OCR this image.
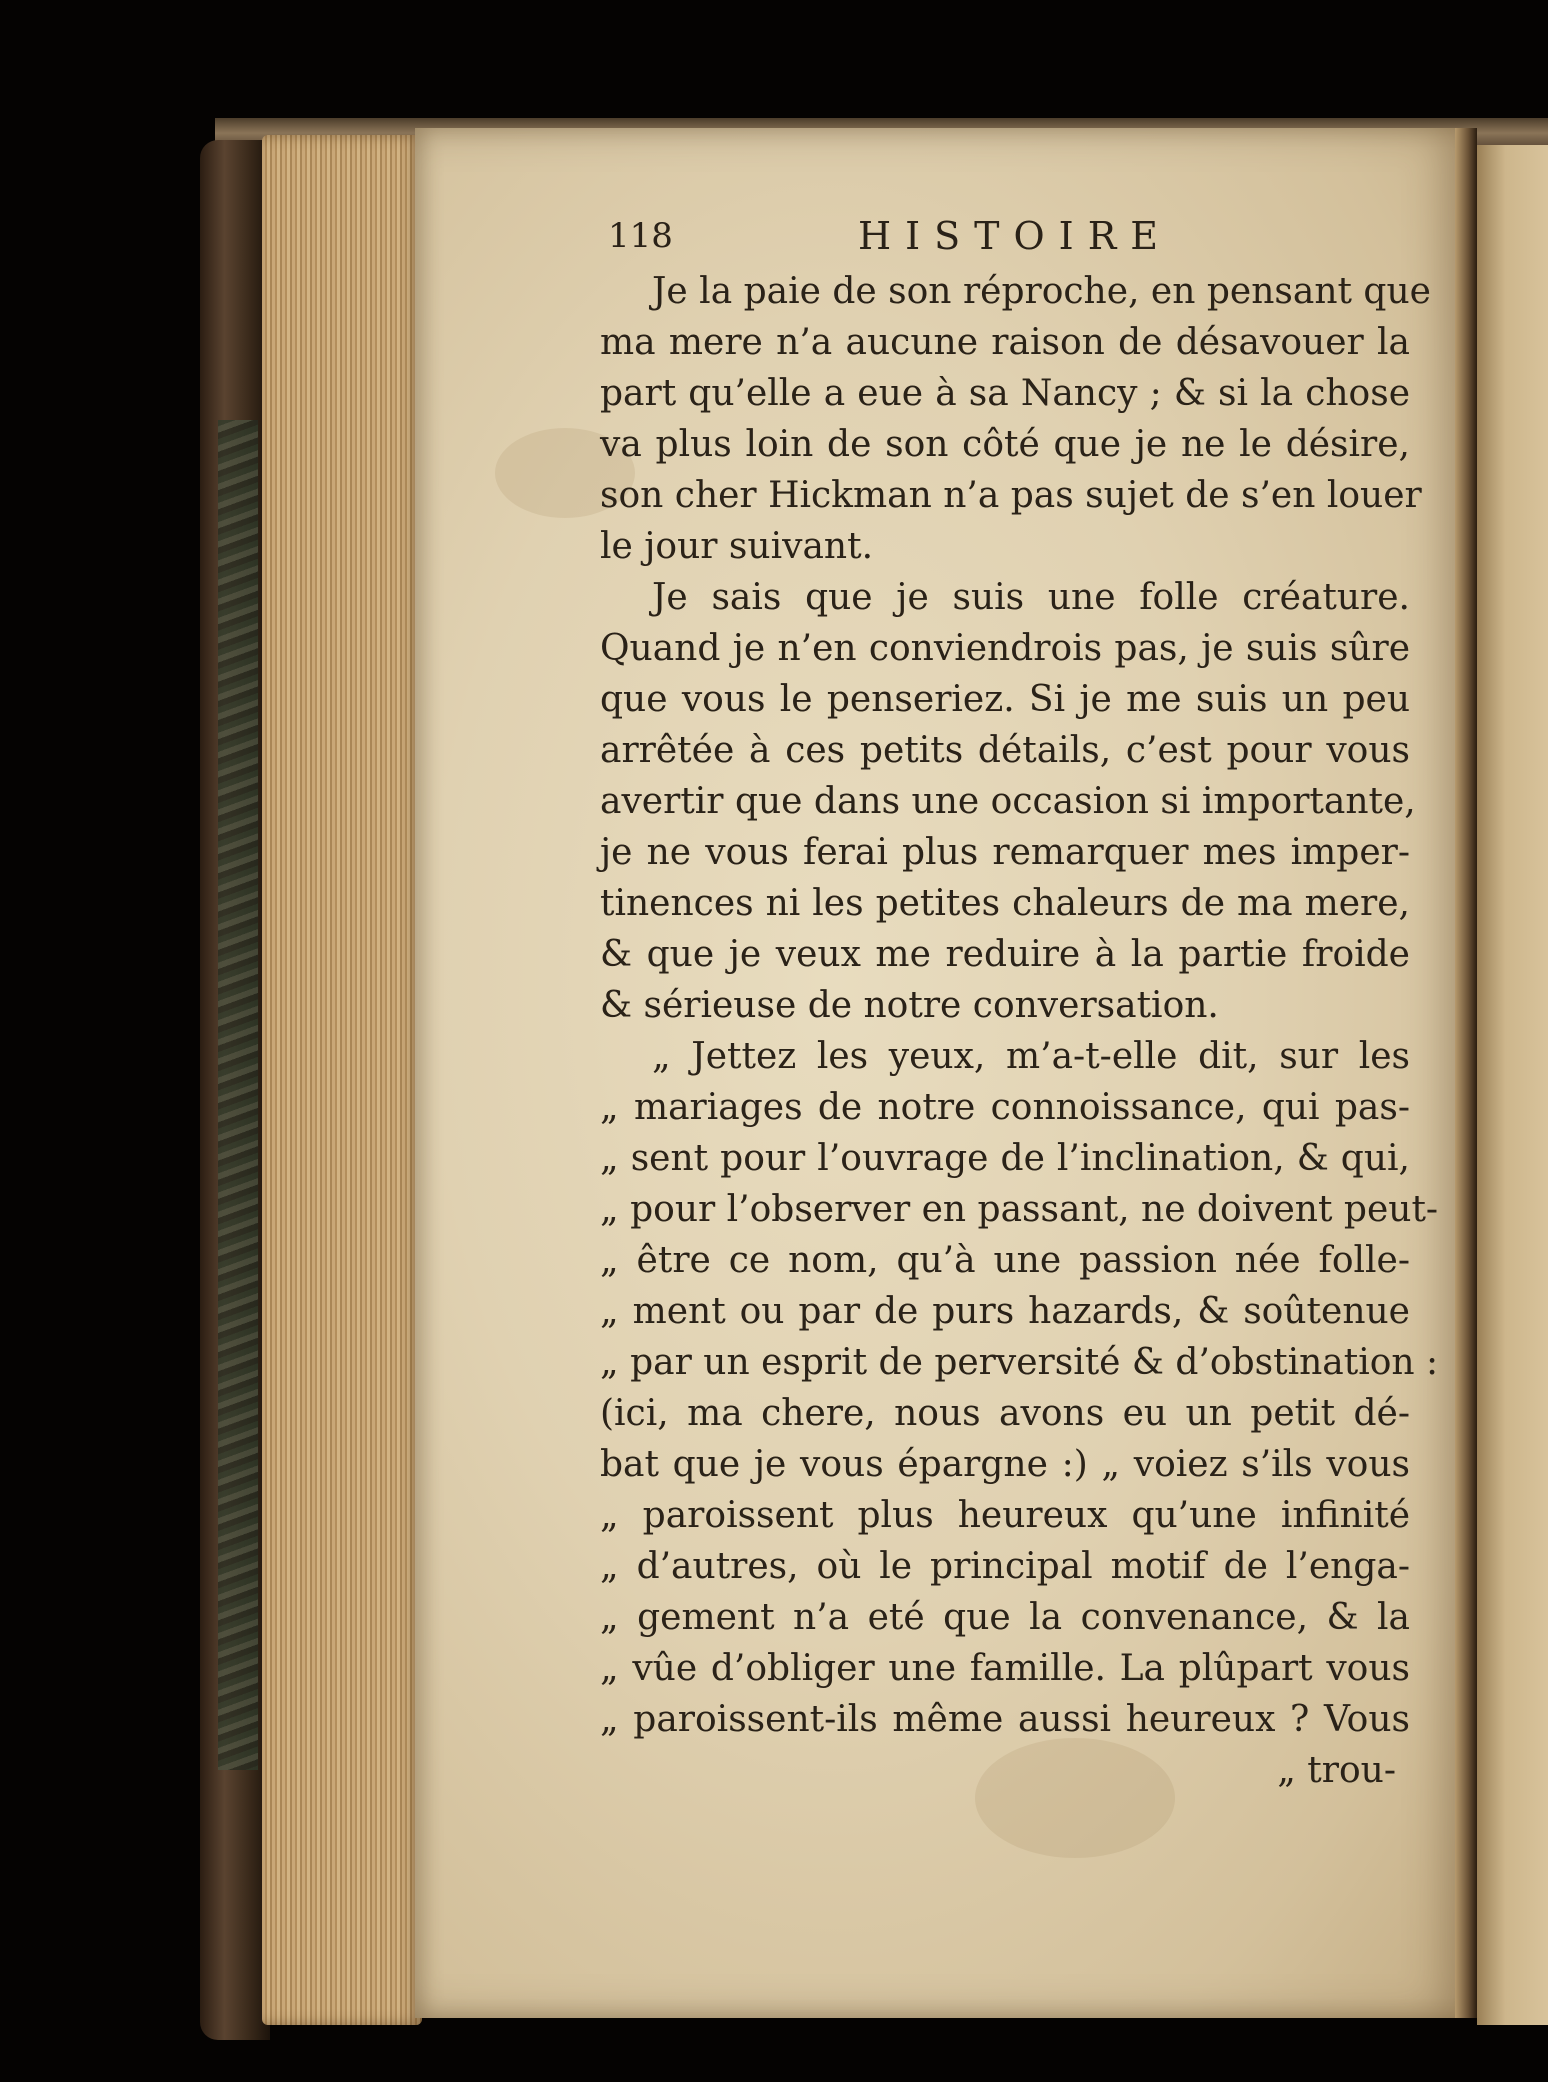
118	HISTOIRE
Je la paie de son réproche, en pensant que
ma mere n’a aucune raison de désavouer la
part qu’elle a eue à sa Nancy ; & si la chose
va plus loin de son côté que je ne le désire,
son cher Hickman n’a pas sujet de s’en louer
le jour suivant.
Je sais que je suis une folle créature.
Quand je n’en conviendrois pas, je suis sûre
que vous le penseriez. Si je me suis un peu
arrêtée à ces petits détails, c’est pour vous
avertir que dans une occasion si importante,
je ne vous ferai plus remarquer mes imper-
tinences ni les petites chaleurs de ma mere,
& que je veux me reduire à la partie froide
& sérieuse de notre conversation.
„ Jettez les yeux, m’a-t-elle dit, sur les
„ mariages de notre connoissance, qui pas-
„ sent pour l’ouvrage de l’inclination, & qui,
„ pour l’observer en passant, ne doivent peut-
„ être ce nom, qu’à une passion née folle-
„ ment ou par de purs hazards, & soûtenue
„ par un esprit de perversité & d’obstination :
(ici, ma chere, nous avons eu un petit dé-
bat que je vous épargne :) „ voiez s’ils vous
„ paroissent plus heureux qu’une infinité
„ d’autres, où le principal motif de l’enga-
„ gement n’a eté que la convenance, & la
„ vûe d’obliger une famille. La plûpart vous
„ paroissent-ils même aussi heureux ? Vous
„ trou-
